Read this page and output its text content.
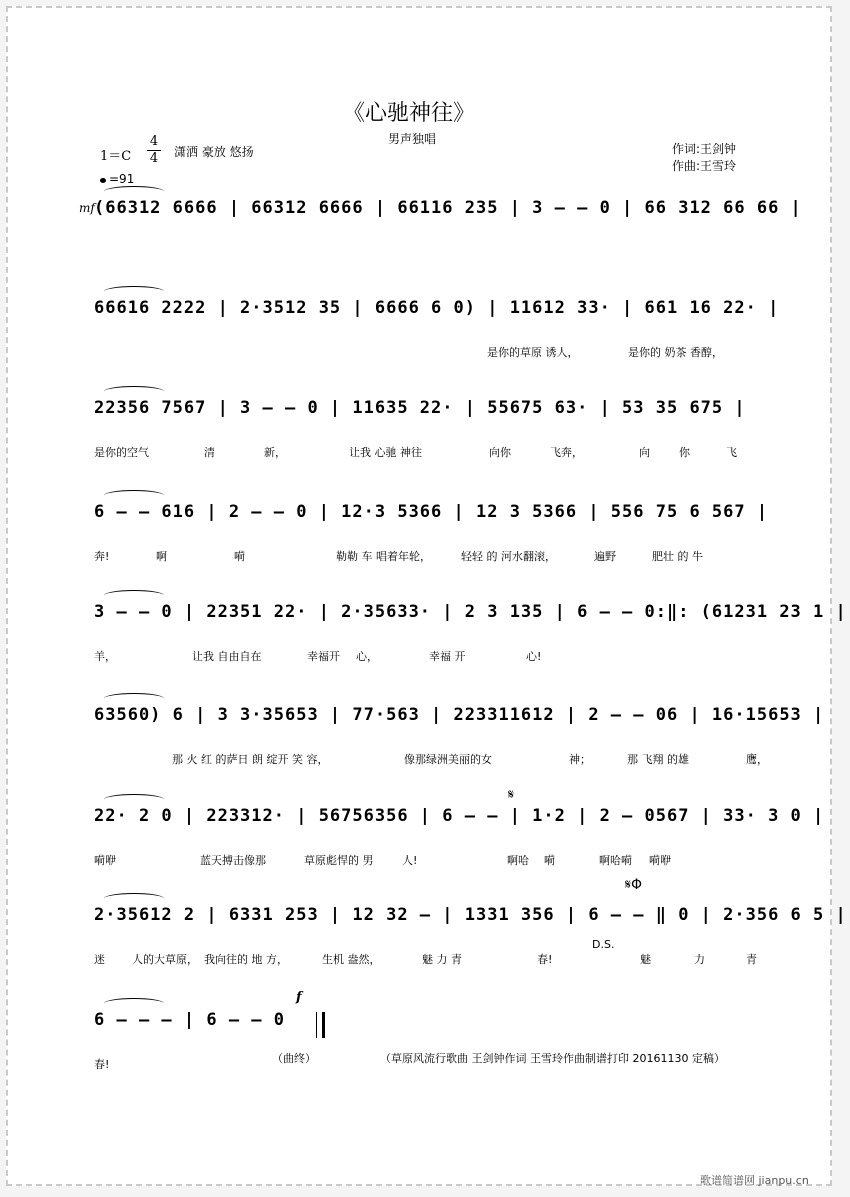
《心驰神往》
男声独唱
1＝C
4
4 潇洒 豪放 悠扬
=91
作词:王剑钟
作曲:王雪玲
mf (66312 6666 | 66312 6666 | 66116 235 | 3 — — 0 | 66 312 66 66 |
66616 2222 | 2·3512 35 | 6666 6 0) | 11612 33· | 661 16 22· |
是你的草原 诱人，	是你的 奶茶 香醇，
22356 7567 | 3 — — 0 | 11635 22· | 55675 63· | 53 35 675 |
是你的空气	清	新，	让我 心驰 神往	向你	飞奔，	向	你	飞
6 — — 616 | 2 — — 0 | 12·3 5366 | 12 3 5366 | 556 75 6 567 |
奔!	啊	嗬	勒勒 车 唱着年轮，	轻轻 的 河水翻滚，	遍野	肥壮 的 牛
3 — — 0 | 22351 22· | 2·35633· | 2 3 135 | 6 — — 0:‖: (61231 23 1 |
羊，	让我 自由自在	幸福开 心，	幸福 开	心!
63560) 6 | 3 3·35653 | 77·563 | 223311612 | 2 — — 06 | 16·15653 |
那 火 红 的萨日 朗 绽开 笑 容，	像那绿洲美丽的女	神；	那 飞翔 的雄	鹰，
22· 2 0 | 223312· | 56756356 | 6 — — | 1·2 | 2 — 0567 | 33· 3 0 |
嗬咿	蓝天搏击像那	草原彪悍的 男	人!	啊哈 嗬	啊哈嗬 嗬咿
2·35612 2 | 6331 253 | 12 32 — | 1331 356 | 6 — — ‖ 0 | 2·356 6 5 |
迷 人的大草原， 我向往的 地 方，	生机 盎然，	魅 力 青	春!	魅	力	青
6 — — — | 6 — — 0
春!
𝄋
𝄋Φ
D.S.
f
（曲终）	（草原风流行歌曲 王剑钟作词 王雪玲作曲制谱打印 20161130 定稿）
歌谱简谱网 jianpu.cn
